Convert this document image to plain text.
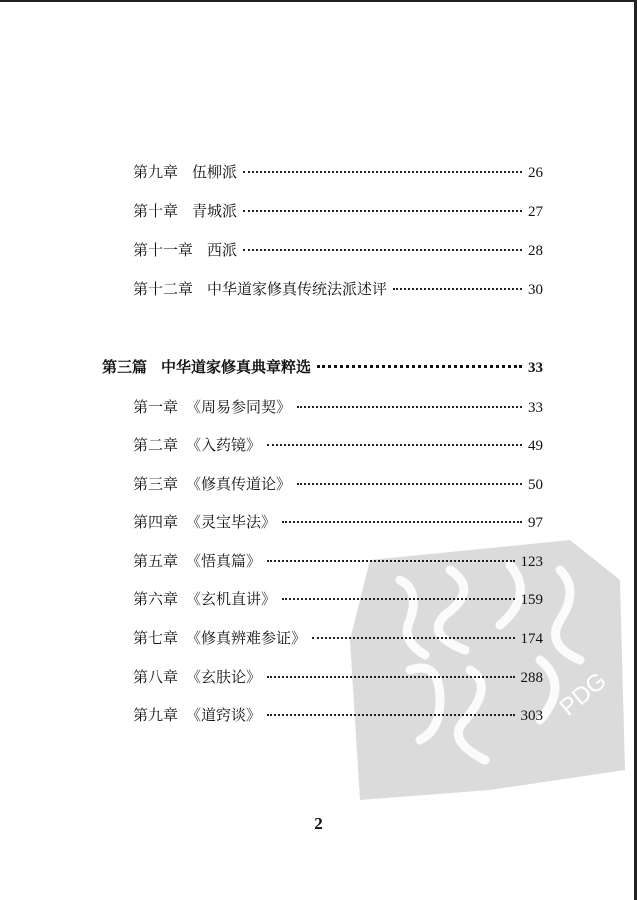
PDG
第九章 伍柳派	26
第十章 青城派	27
第十一章 西派	28
第十二章 中华道家修真传统法派述评	30
第三篇 中华道家修真典章粹选	33
第一章 《周易参同契》	33
第二章 《入药镜》	49
第三章 《修真传道论》	50
第四章 《灵宝毕法》	97
第五章 《悟真篇》	123
第六章 《玄机直讲》	159
第七章 《修真辨难参证》	174
第八章 《玄肤论》	288
第九章 《道窍谈》	303
2
